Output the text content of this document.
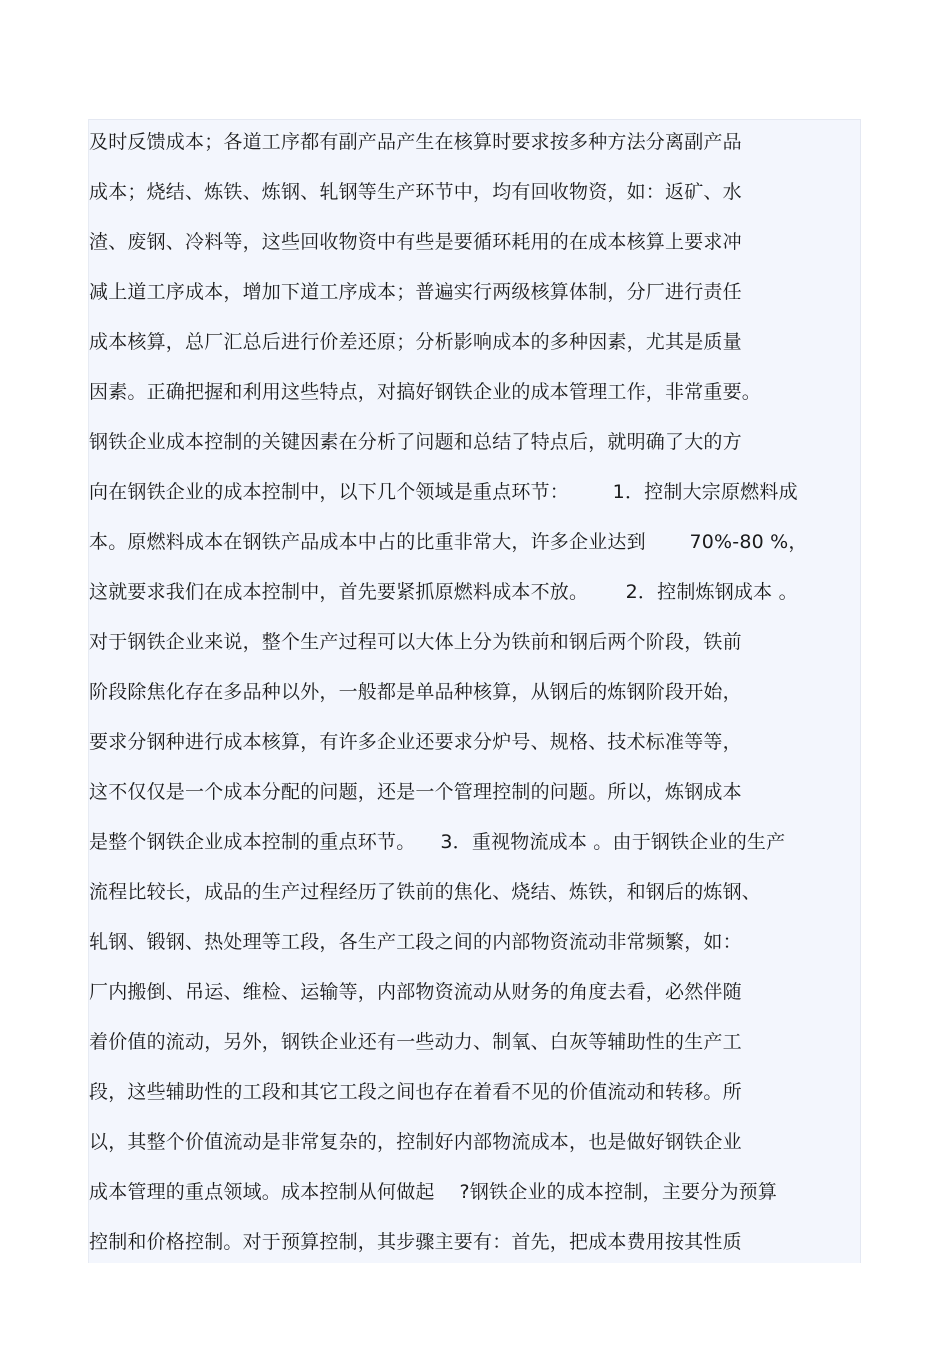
及时反馈成本；各道工序都有副产品产生在核算时要求按多种方法分离副产品
成本；烧结、炼铁、炼钢、轧钢等生产环节中，均有回收物资，如：返矿、水
渣、废钢、冷料等，这些回收物资中有些是要循环耗用的在成本核算上要求冲
减上道工序成本，增加下道工序成本；普遍实行两级核算体制，分厂进行责任
成本核算，总厂汇总后进行价差还原；分析影响成本的多种因素，尤其是质量
因素。正确把握和利用这些特点，对搞好钢铁企业的成本管理工作，非常重要。
钢铁企业成本控制的关键因素在分析了问题和总结了特点后，就明确了大的方
向在钢铁企业的成本控制中，以下几个领域是重点环节：       1．控制大宗原燃料成
本。原燃料成本在钢铁产品成本中占的比重非常大，许多企业达到       70%-80 %，
这就要求我们在成本控制中，首先要紧抓原燃料成本不放。      2．控制炼钢成本 。
对于钢铁企业来说，整个生产过程可以大体上分为铁前和钢后两个阶段，铁前
阶段除焦化存在多品种以外，一般都是单品种核算，从钢后的炼钢阶段开始，
要求分钢种进行成本核算，有许多企业还要求分炉号、规格、技术标准等等，
这不仅仅是一个成本分配的问题，还是一个管理控制的问题。所以，炼钢成本
是整个钢铁企业成本控制的重点环节。    3．重视物流成本 。由于钢铁企业的生产
流程比较长，成品的生产过程经历了铁前的焦化、烧结、炼铁，和钢后的炼钢、
轧钢、锻钢、热处理等工段，各生产工段之间的内部物资流动非常频繁，如：
厂内搬倒、吊运、维检、运输等，内部物资流动从财务的角度去看，必然伴随
着价值的流动，另外，钢铁企业还有一些动力、制氧、白灰等辅助性的生产工
段，这些辅助性的工段和其它工段之间也存在着看不见的价值流动和转移。所
以，其整个价值流动是非常复杂的，控制好内部物流成本，也是做好钢铁企业
成本管理的重点领域。成本控制从何做起    ?钢铁企业的成本控制，主要分为预算
控制和价格控制。对于预算控制，其步骤主要有：首先，把成本费用按其性质
